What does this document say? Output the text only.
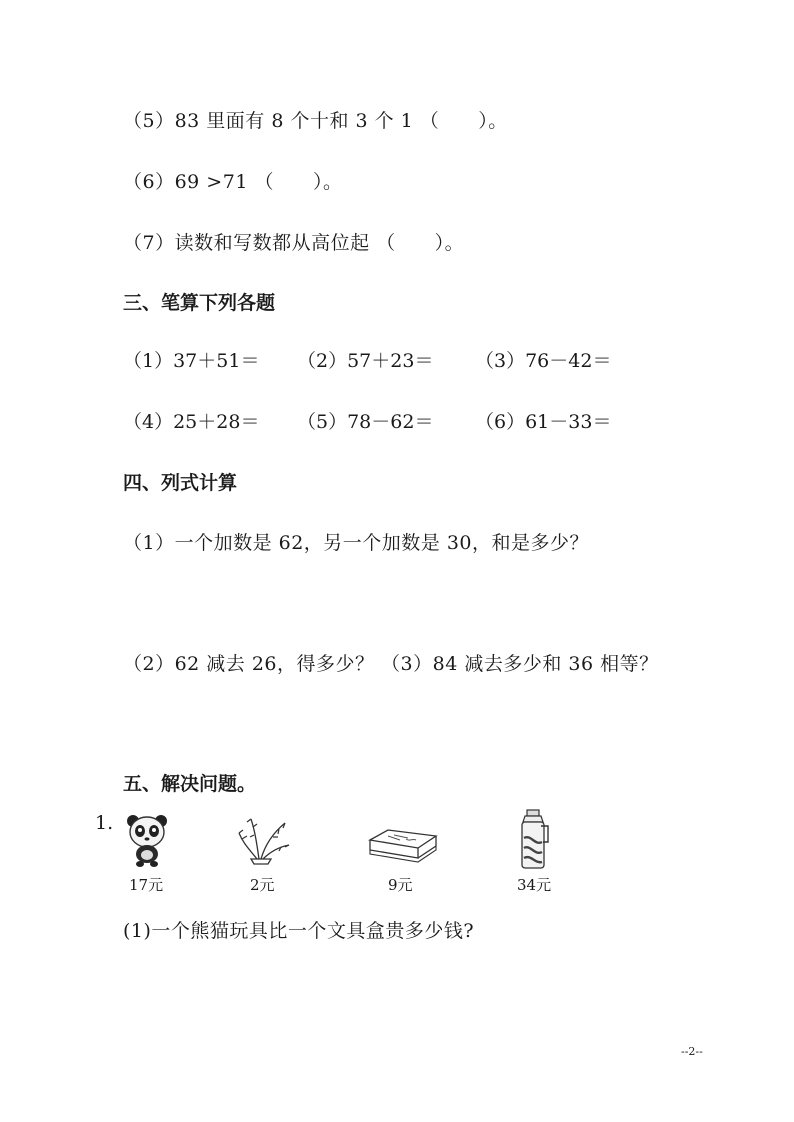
（5）83 里面有 8 个十和 3 个 1 （　　）。
（6）69 >71 （　　）。
（7）读数和写数都从高位起 （　　）。
三、笔算下列各题
（1）37＋51＝ （2）57＋23＝ （3）76－42＝
（4）25＋28＝ （5）78－62＝ （6）61－33＝
四、列式计算
（1）一个加数是 62，另一个加数是 30，和是多少？
（2）62 减去 26，得多少？ （3）84 减去多少和 36 相等？
五、解决问题。
1.
17元	2元	9元	34元
(1)一个熊猫玩具比一个文具盒贵多少钱?
--2--
